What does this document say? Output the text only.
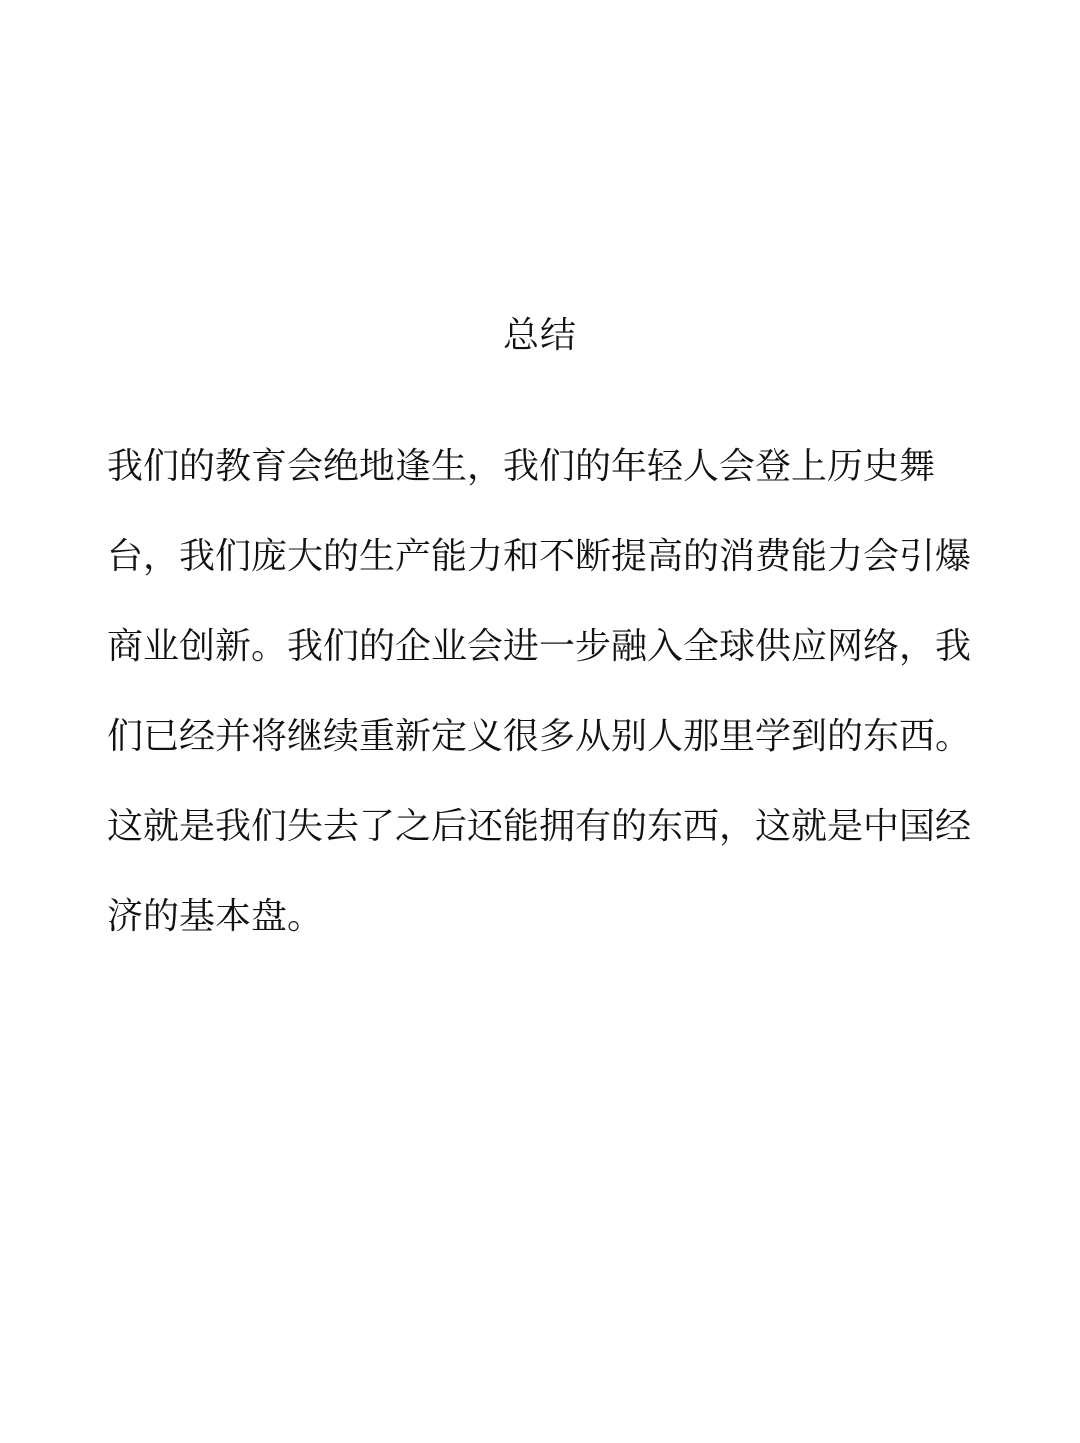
总结
我们的教育会绝地逢生，我们的年轻人会登上历史舞
台，我们庞大的生产能力和不断提高的消费能力会引爆
商业创新。我们的企业会进一步融入全球供应网络，我
们已经并将继续重新定义很多从别人那里学到的东西。
这就是我们失去了之后还能拥有的东西，这就是中国经
济的基本盘。
